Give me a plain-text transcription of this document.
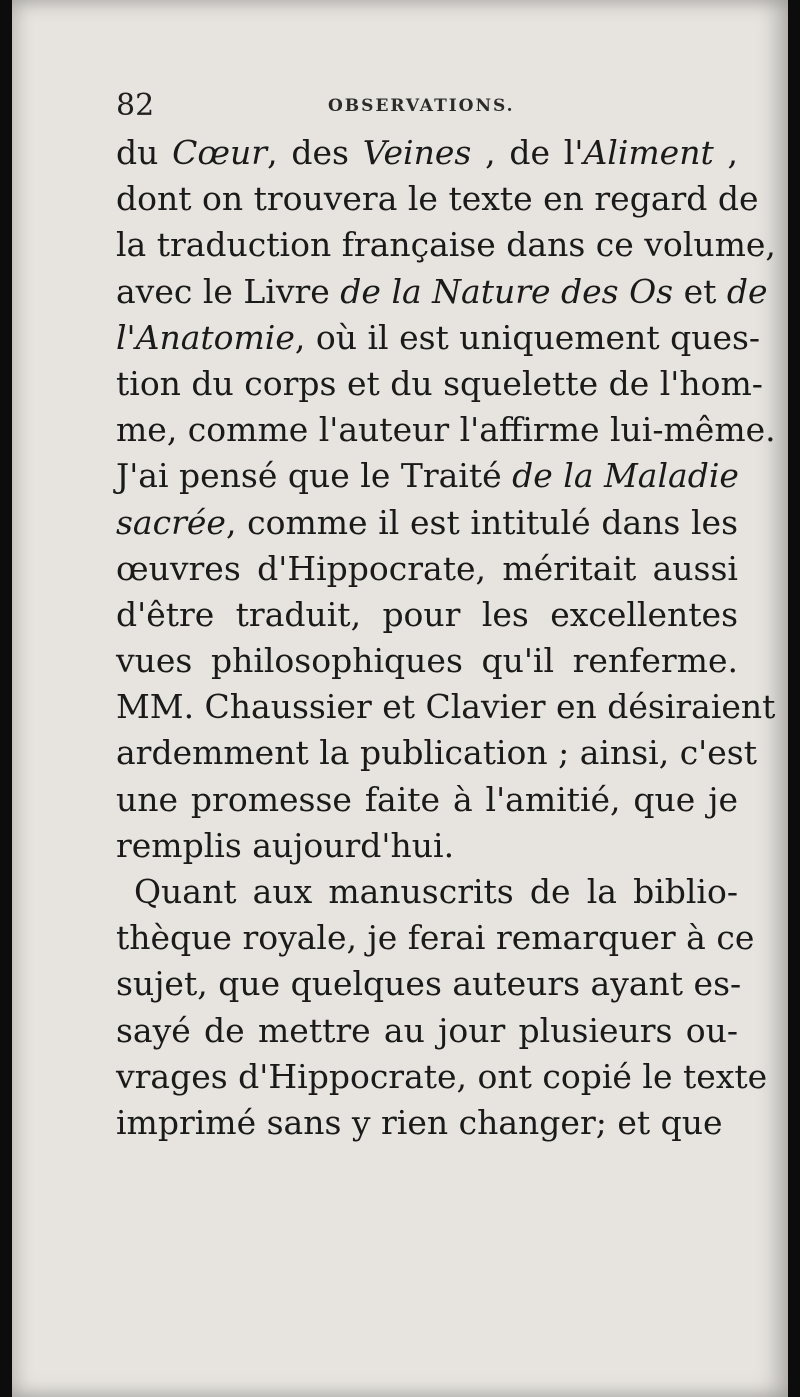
82	OBSERVATIONS.
du Cœur, des Veines , de l'Aliment ,
dont on trouvera le texte en regard de
la traduction française dans ce volume,
avec le Livre de la Nature des Os et de
l'Anatomie, où il est uniquement ques-
tion du corps et du squelette de l'hom-
me, comme l'auteur l'affirme lui-même.
J'ai pensé que le Traité de la Maladie
sacrée, comme il est intitulé dans les
œuvres d'Hippocrate, méritait aussi
d'être traduit, pour les excellentes
vues philosophiques qu'il renferme.
MM. Chaussier et Clavier en désiraient
ardemment la publication ; ainsi, c'est
une promesse faite à l'amitié, que je
remplis aujourd'hui.
Quant aux manuscrits de la biblio-
thèque royale, je ferai remarquer à ce
sujet, que quelques auteurs ayant es-
sayé de mettre au jour plusieurs ou-
vrages d'Hippocrate, ont copié le texte
imprimé sans y rien changer; et que
